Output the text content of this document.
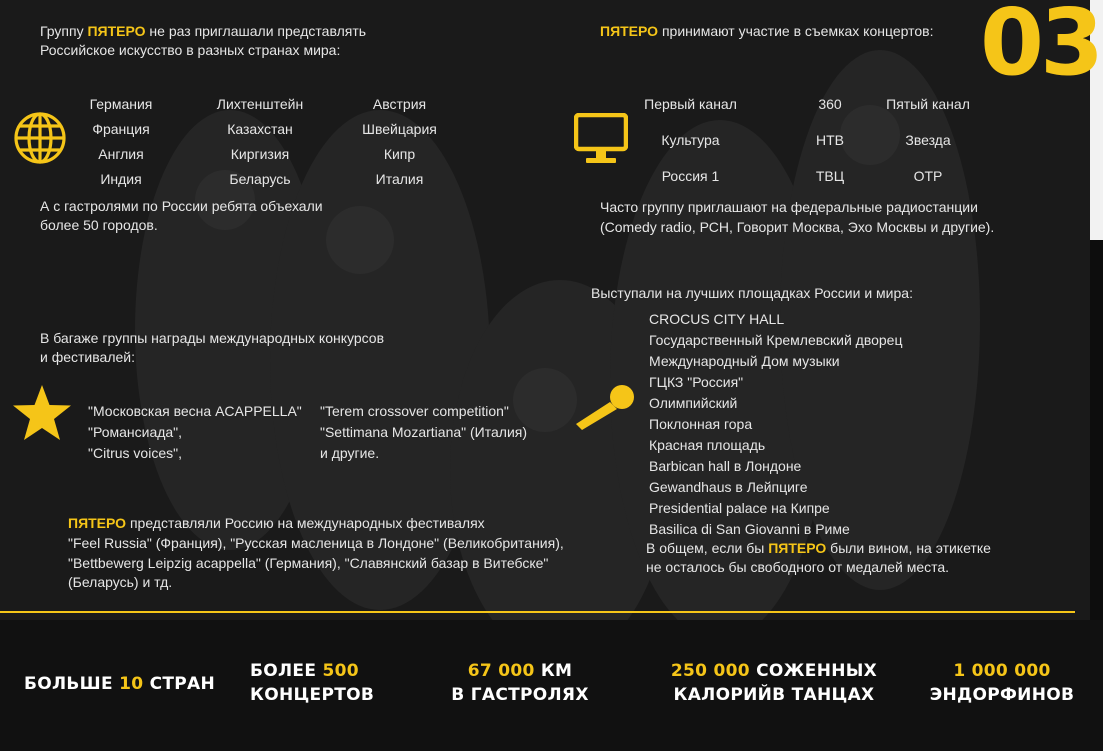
Группу ПЯТЕРО не раз приглашали представлять
Российское искусство в разных странах мира:
Германия
Франция
Англия
Индия
Лихтенштейн
Казахстан
Киргизия
Беларусь
Австрия
Швейцария
Кипр
Италия
А с гастролями по России ребята объехали
более 50 городов.
В багаже группы награды международных конкурсов
и фестивалей:
"Московская весна ACAPPELLA"
"Романсиада",
"Citrus voices",
"Terem crossover competition"
"Settimana Mozartiana" (Италия)
и другие.
ПЯТЕРО представляли Россию на международных фестивалях
"Feel Russia" (Франция), "Русская масленица в Лондоне" (Великобритания),
"Bettbewerg Leipzig acappella" (Германия), "Славянский базар в Витебске"
(Беларусь) и тд.
ПЯТЕРО принимают участие в съемках концертов: 03
Первый канал
Культура
Россия 1
360
НТВ
ТВЦ
Пятый канал
Звезда
ОТР
Часто группу приглашают на федеральные радиостанции
(Comedy radio, РСН, Говорит Москва, Эхо Москвы и другие).
Выступали на лучших площадках России и мира:
CROCUS CITY HALL
Государственный Кремлевский дворец
Международный Дом музыки
ГЦКЗ "Россия"
Олимпийский
Поклонная гора
Красная площадь
Barbican hall в Лондоне
Gewandhaus в Лейпциге
Presidential palace на Кипре
Basilica di San Giovanni в Риме
В общем, если бы ПЯТЕРО были вином, на этикетке
не осталось бы свободного от медалей места.
БОЛЬШЕ 10 СТРАН
БОЛЕЕ 500
КОНЦЕРТОВ
67 000 КМ
В ГАСТРОЛЯХ
250 000 СОЖЕННЫХ
КАЛОРИЙВ ТАНЦАХ
1 000 000
ЭНДОРФИНОВ
